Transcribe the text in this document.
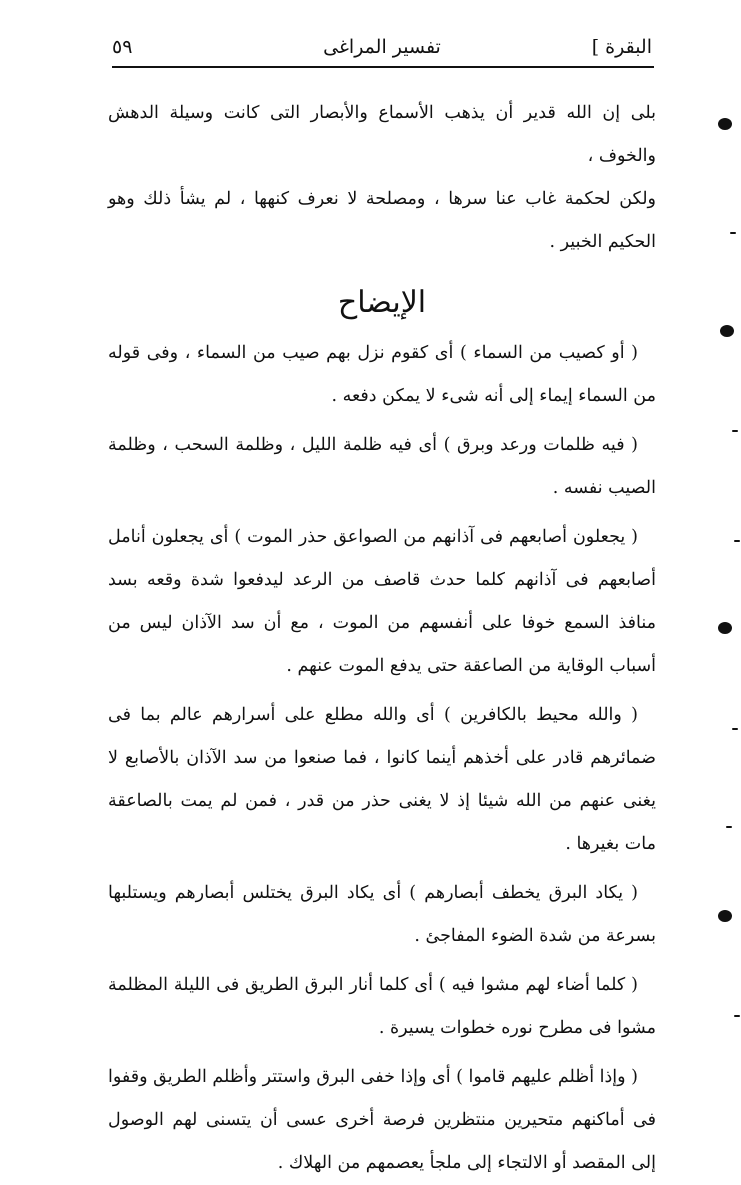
البقرة ]
تفسير المراغى
٥٩

بلى إن الله قدير أن يذهب الأسماع والأبصار التى كانت وسيلة الدهش والخوف ،

ولكن لحكمة غاب عنا سرها ، ومصلحة لا نعرف كنهها ، لم يشأ ذلك وهو الحكيم الخبير .

الإيضاح

( أو كصيب من السماء ) أى كقوم نزل بهم صيب من السماء ، وفى قوله من السماء إيماء إلى أنه شىء لا يمكن دفعه .

( فيه ظلمات ورعد وبرق ) أى فيه ظلمة الليل ، وظلمة السحب ، وظلمة الصيب نفسه .

( يجعلون أصابعهم فى آذانهم من الصواعق حذر الموت ) أى يجعلون أنامل أصابعهم فى آذانهم كلما حدث قاصف من الرعد ليدفعوا شدة وقعه بسد منافذ السمع خوفا على أنفسهم من الموت ، مع أن سد الآذان ليس من أسباب الوقاية من الصاعقة حتى يدفع الموت عنهم .

( والله محيط بالكافرين ) أى والله مطلع على أسرارهم عالم بما فى ضمائرهم قادر على أخذهم أينما كانوا ، فما صنعوا من سد الآذان بالأصابع لا يغنى عنهم من الله شيئا إذ لا يغنى حذر من قدر ، فمن لم يمت بالصاعقة مات بغيرها .

( يكاد البرق يخطف أبصارهم ) أى يكاد البرق يختلس أبصارهم ويستلبها بسرعة من شدة الضوء المفاجئ .

( كلما أضاء لهم مشوا فيه ) أى كلما أنار البرق الطريق فى الليلة المظلمة مشوا فى مطرح نوره خطوات يسيرة .

( وإذا أظلم عليهم قاموا ) أى وإذا خفى البرق واستتر وأظلم الطريق وقفوا فى أماكنهم متحيرين منتظرين فرصة أخرى عسى أن يتسنى لهم الوصول إلى المقصد أو الالتجاء إلى ملجأ يعصمهم من الهلاك .
